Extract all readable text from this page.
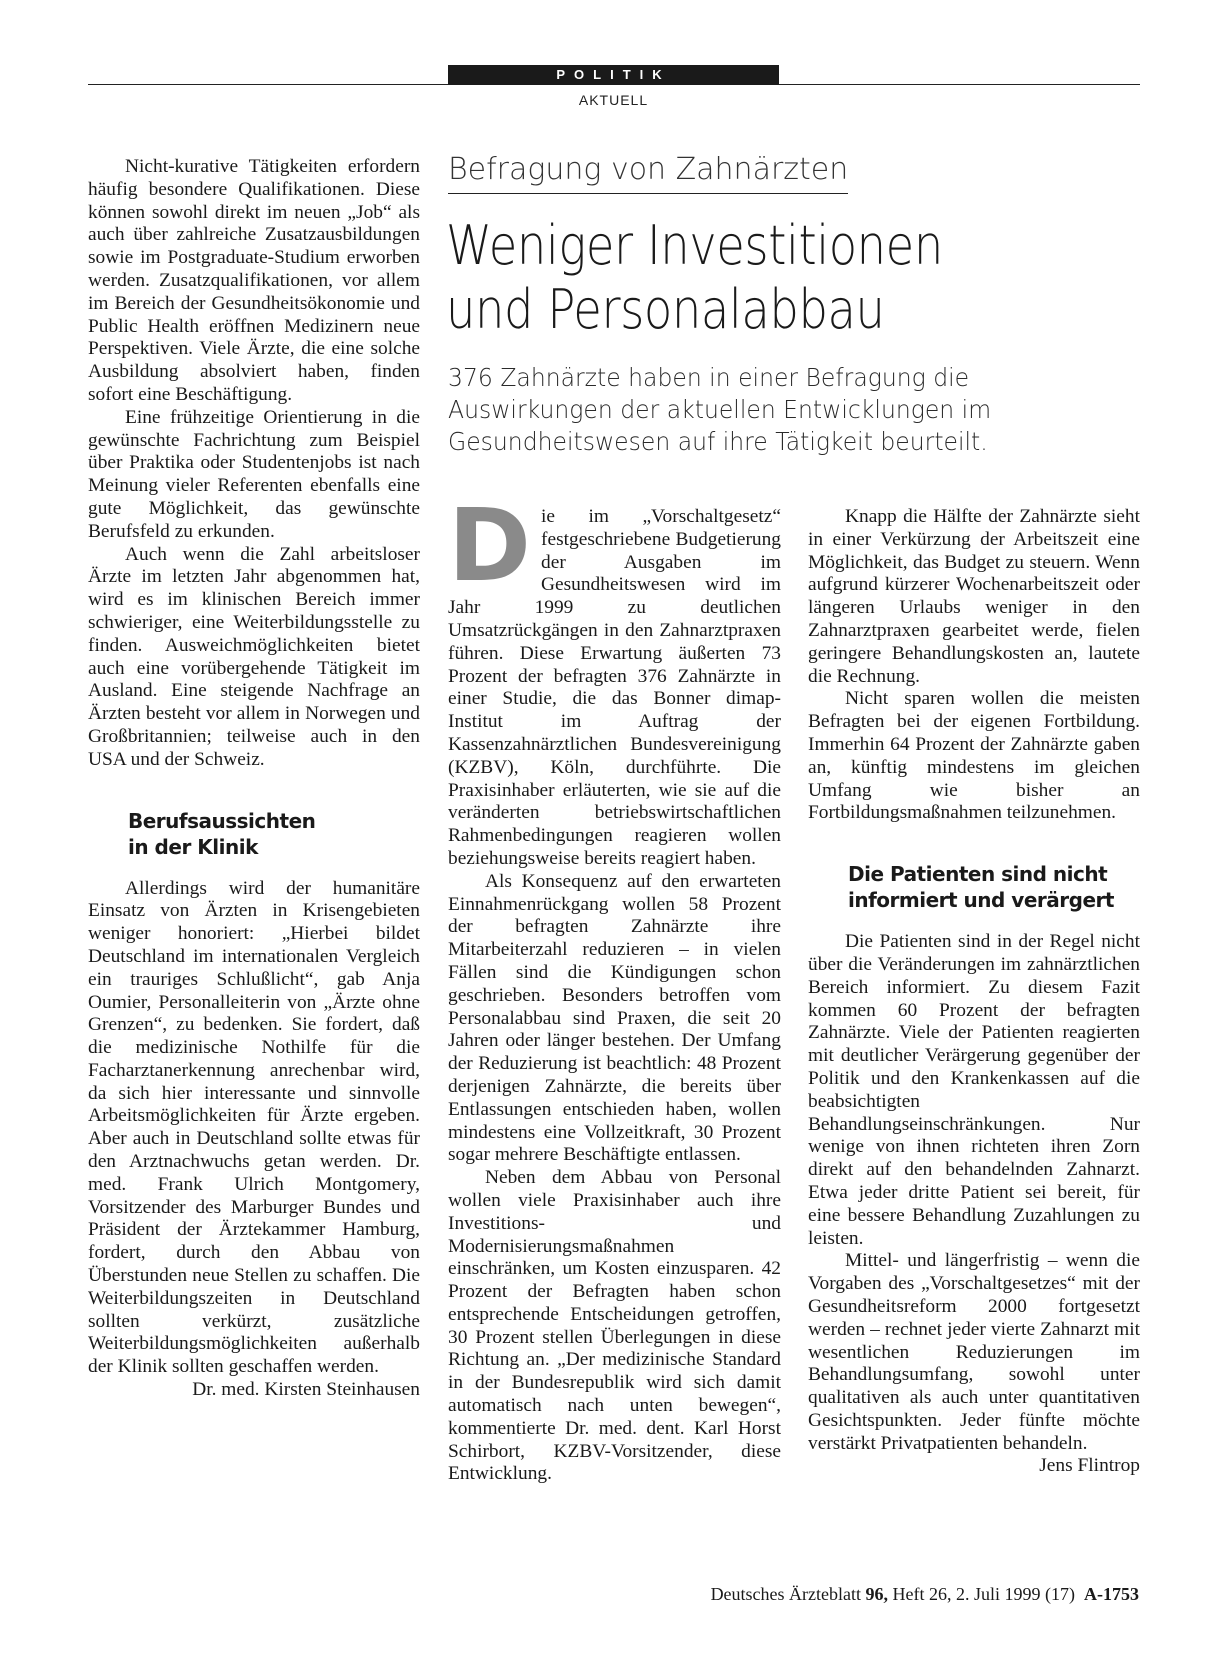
POLITIK
AKTUELL

Nicht-kurative Tätigkeiten erfordern häufig besondere Qualifikationen. Diese können sowohl direkt im neuen „Job“ als auch über zahlreiche Zusatzausbildungen sowie im Postgraduate-Studium erworben werden. Zusatzqualifikationen, vor allem im Bereich der Gesundheitsökonomie und Public Health eröffnen Medizinern neue Perspektiven. Viele Ärzte, die eine solche Ausbildung absolviert haben, finden sofort eine Beschäftigung.

Eine frühzeitige Orientierung in die gewünschte Fachrichtung zum Beispiel über Praktika oder Studentenjobs ist nach Meinung vieler Referenten ebenfalls eine gute Möglichkeit, das gewünschte Berufsfeld zu erkunden.

Auch wenn die Zahl arbeitsloser Ärzte im letzten Jahr abgenommen hat, wird es im klinischen Bereich immer schwieriger, eine Weiterbildungsstelle zu finden. Ausweichmöglichkeiten bietet auch eine vorübergehende Tätigkeit im Ausland. Eine steigende Nachfrage an Ärzten besteht vor allem in Norwegen und Großbritannien; teilweise auch in den USA und der Schweiz.

Berufsaussichten
in der Klinik

Allerdings wird der humanitäre Einsatz von Ärzten in Krisengebieten weniger honoriert: „Hierbei bildet Deutschland im internationalen Vergleich ein trauriges Schlußlicht“, gab Anja Oumier, Personalleiterin von „Ärzte ohne Grenzen“, zu bedenken. Sie fordert, daß die medizinische Nothilfe für die Facharztanerkennung anrechenbar wird, da sich hier interessante und sinnvolle Arbeitsmöglichkeiten für Ärzte ergeben. Aber auch in Deutschland sollte etwas für den Arztnachwuchs getan werden. Dr. med. Frank Ulrich Montgomery, Vorsitzender des Marburger Bundes und Präsident der Ärztekammer Hamburg, fordert, durch den Abbau von Überstunden neue Stellen zu schaffen. Die Weiterbildungszeiten in Deutschland sollten verkürzt, zusätzliche Weiterbildungsmöglichkeiten außerhalb der Klinik sollten geschaffen werden.

Dr. med. Kirsten Steinhausen

Befragung von Zahnärzten
Weniger Investitionen
und Personalabbau
376 Zahnärzte haben in einer Befragung die Auswirkungen der aktuellen Entwicklungen im Gesundheitswesen auf ihre Tätigkeit beurteilt.

Die im „Vorschaltgesetz“ festgeschriebene Budgetierung der Ausgaben im Gesundheitswesen wird im Jahr 1999 zu deutlichen Umsatzrückgängen in den Zahnarztpraxen führen. Diese Erwartung äußerten 73 Prozent der befragten 376 Zahnärzte in einer Studie, die das Bonner dimap-Institut im Auftrag der Kassenzahnärztlichen Bundesvereinigung (KZBV), Köln, durchführte. Die Praxisinhaber erläuterten, wie sie auf die veränderten betriebswirtschaftlichen Rahmenbedingungen reagieren wollen beziehungsweise bereits reagiert haben.

Als Konsequenz auf den erwarteten Einnahmenrückgang wollen 58 Prozent der befragten Zahnärzte ihre Mitarbeiterzahl reduzieren – in vielen Fällen sind die Kündigungen schon geschrieben. Besonders betroffen vom Personalabbau sind Praxen, die seit 20 Jahren oder länger bestehen. Der Umfang der Reduzierung ist beachtlich: 48 Prozent derjenigen Zahnärzte, die bereits über Entlassungen entschieden haben, wollen mindestens eine Vollzeitkraft, 30 Prozent sogar mehrere Beschäftigte entlassen.

Neben dem Abbau von Personal wollen viele Praxisinhaber auch ihre Investitions- und Modernisierungsmaßnahmen einschränken, um Kosten einzusparen. 42 Prozent der Befragten haben schon entsprechende Entscheidungen getroffen, 30 Prozent stellen Überlegungen in diese Richtung an. „Der medizinische Standard in der Bundesrepublik wird sich damit automatisch nach unten bewegen“, kommentierte Dr. med. dent. Karl Horst Schirbort, KZBV-Vorsitzender, diese Entwicklung.

Knapp die Hälfte der Zahnärzte sieht in einer Verkürzung der Arbeitszeit eine Möglichkeit, das Budget zu steuern. Wenn aufgrund kürzerer Wochenarbeitszeit oder längeren Urlaubs weniger in den Zahnarztpraxen gearbeitet werde, fielen geringere Behandlungskosten an, lautete die Rechnung.

Nicht sparen wollen die meisten Befragten bei der eigenen Fortbildung. Immerhin 64 Prozent der Zahnärzte gaben an, künftig mindestens im gleichen Umfang wie bisher an Fortbildungsmaßnahmen teilzunehmen.

Die Patienten sind nicht
informiert und verärgert

Die Patienten sind in der Regel nicht über die Veränderungen im zahnärztlichen Bereich informiert. Zu diesem Fazit kommen 60 Prozent der befragten Zahnärzte. Viele der Patienten reagierten mit deutlicher Verärgerung gegenüber der Politik und den Krankenkassen auf die beabsichtigten Behandlungseinschränkungen. Nur wenige von ihnen richteten ihren Zorn direkt auf den behandelnden Zahnarzt. Etwa jeder dritte Patient sei bereit, für eine bessere Behandlung Zuzahlungen zu leisten.

Mittel- und längerfristig – wenn die Vorgaben des „Vorschaltgesetzes“ mit der Gesundheitsreform 2000 fortgesetzt werden – rechnet jeder vierte Zahnarzt mit wesentlichen Reduzierungen im Behandlungsumfang, sowohl unter qualitativen als auch unter quantitativen Gesichtspunkten. Jeder fünfte möchte verstärkt Privatpatienten behandeln.
Jens Flintrop

Deutsches Ärzteblatt 96, Heft 26, 2. Juli 1999 (17) A-1753
